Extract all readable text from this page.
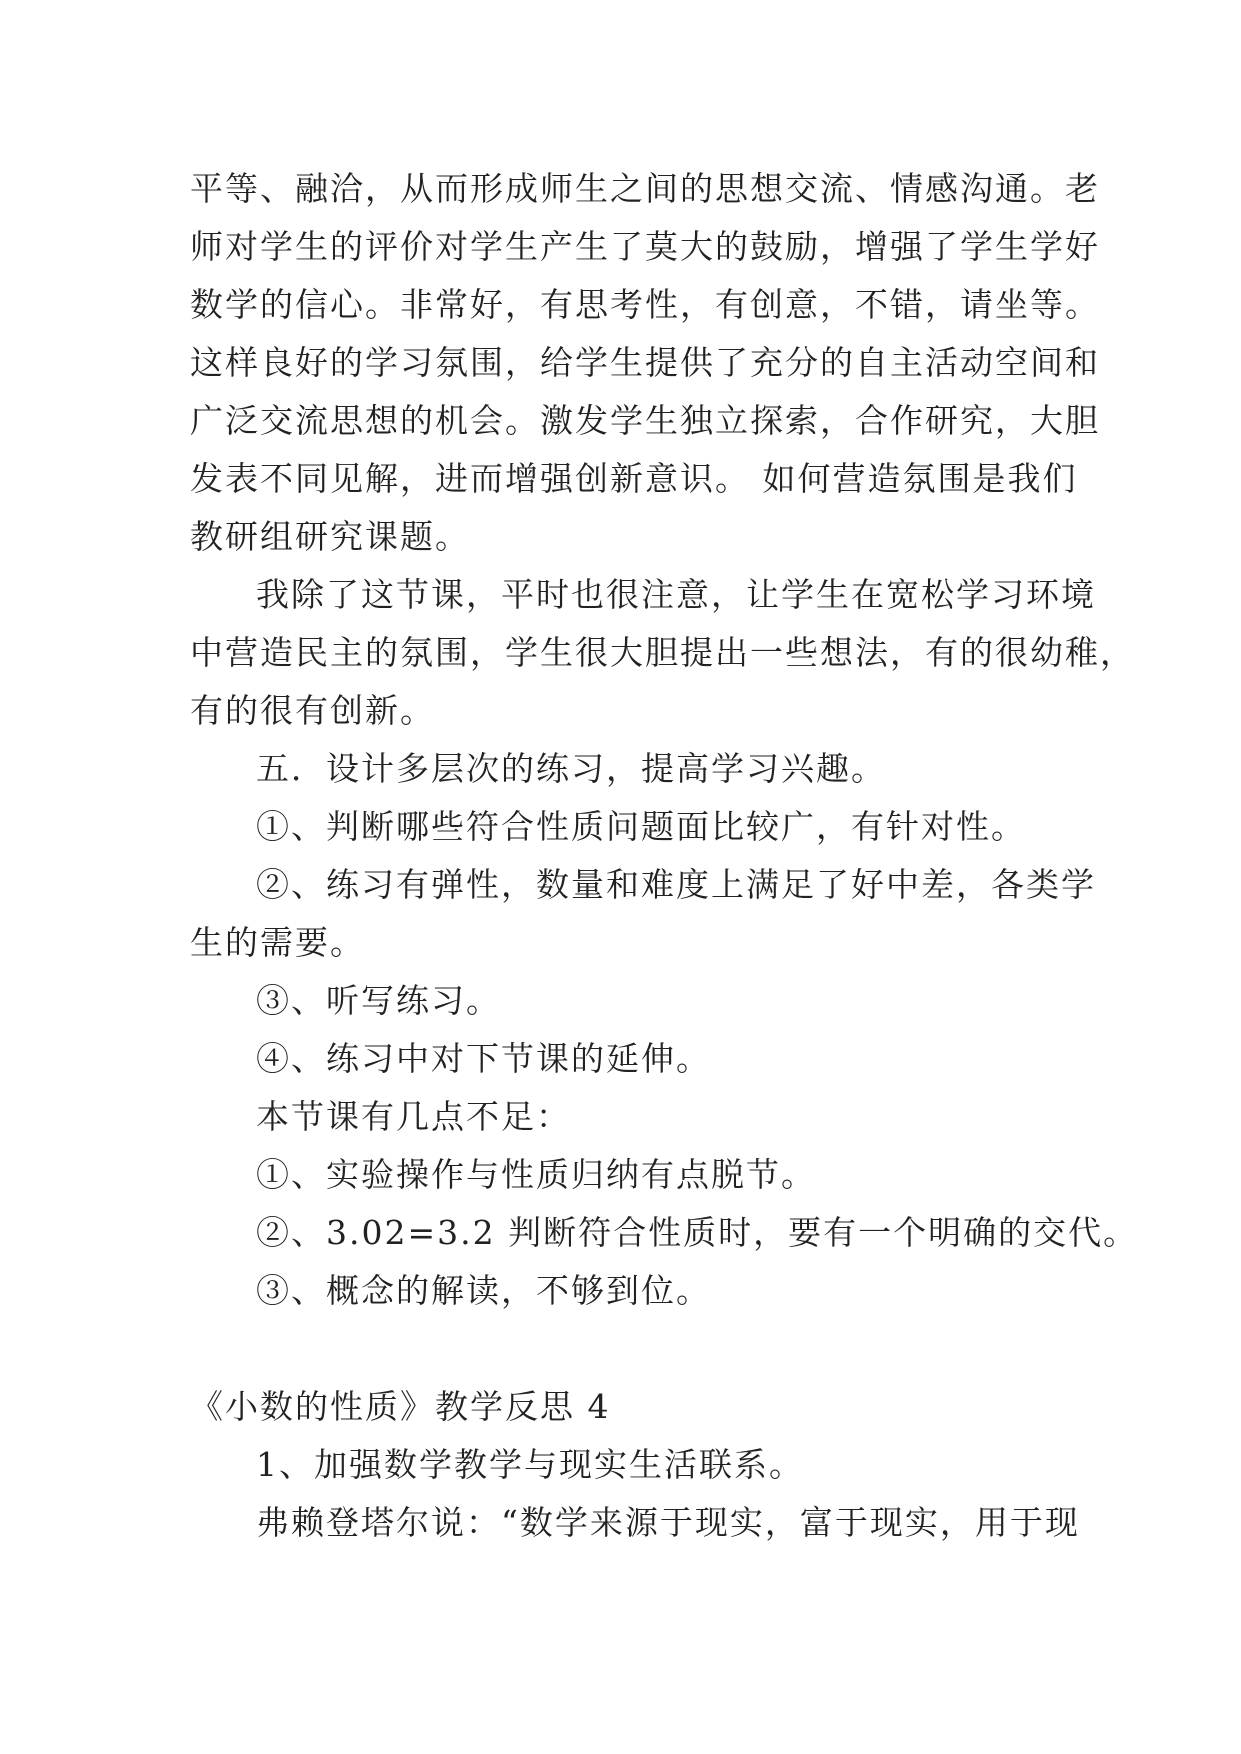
平等、融洽，从而形成师生之间的思想交流、情感沟通。老

师对学生的评价对学生产生了莫大的鼓励，增强了学生学好

数学的信心。非常好，有思考性，有创意，不错，请坐等。

这样良好的学习氛围，给学生提供了充分的自主活动空间和

广泛交流思想的机会。激发学生独立探索，合作研究，大胆

发表不同见解，进而增强创新意识。 如何营造氛围是我们

教研组研究课题。

我除了这节课，平时也很注意，让学生在宽松学习环境

中营造民主的氛围，学生很大胆提出一些想法，有的很幼稚，

有的很有创新。

五．设计多层次的练习，提高学习兴趣。

①、判断哪些符合性质问题面比较广，有针对性。

②、练习有弹性，数量和难度上满足了好中差，各类学

生的需要。

③、听写练习。

④、练习中对下节课的延伸。

本节课有几点不足：

①、实验操作与性质归纳有点脱节。

②、3.02=3.2 判断符合性质时，要有一个明确的交代。

③、概念的解读，不够到位。

《小数的性质》教学反思 4

1、加强数学教学与现实生活联系。

弗赖登塔尔说：“数学来源于现实，富于现实，用于现
